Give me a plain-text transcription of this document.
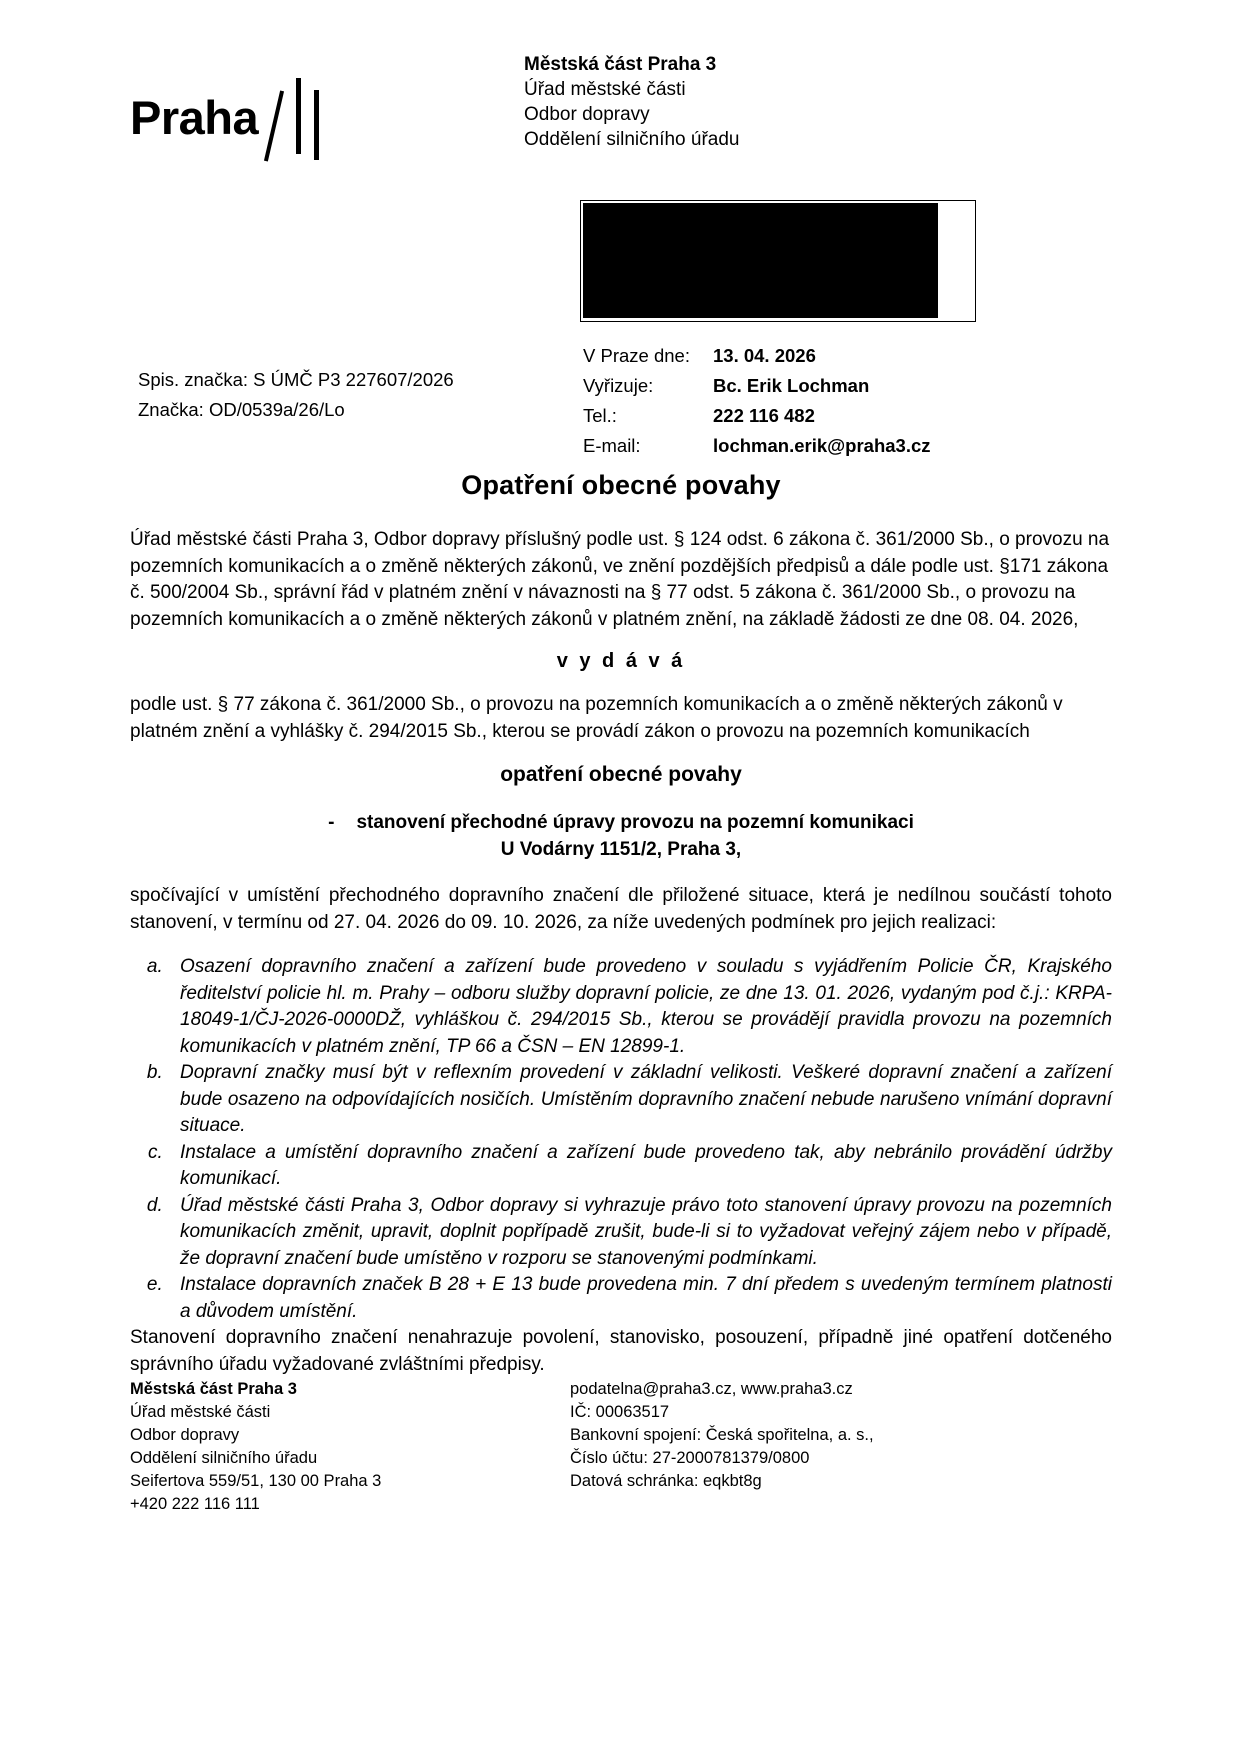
Praha
Městská část Praha 3
Úřad městské části
Odbor dopravy
Oddělení silničního úřadu
Spis. značka: S ÚMČ P3 227607/2026
Značka: OD/0539a/26/Lo
V Praze dne:	13. 04. 2026
Vyřizuje:	Bc. Erik Lochman
Tel.:	222 116 482
E-mail:	lochman.erik@praha3.cz
Opatření obecné povahy

Úřad městské části Praha 3, Odbor dopravy příslušný podle ust. § 124 odst. 6 zákona č. 361/2000 Sb., o provozu na pozemních komunikacích a o změně některých zákonů, ve znění pozdějších předpisů a dále podle ust. §171 zákona č. 500/2004 Sb., správní řád v platném znění v návaznosti na § 77 odst. 5 zákona č. 361/2000 Sb., o provozu na pozemních komunikacích a o změně některých zákonů v platném znění, na základě žádosti ze dne 08. 04. 2026,

v y d á v á

podle ust. § 77 zákona č. 361/2000 Sb., o provozu na pozemních komunikacích a o změně některých zákonů v platném znění a vyhlášky č. 294/2015 Sb., kterou se provádí zákon o provozu na pozemních komunikacích

opatření obecné povahy
- stanovení přechodné úpravy provozu na pozemní komunikaci
U Vodárny 1151/2, Praha 3,

spočívající v umístění přechodného dopravního značení dle přiložené situace, která je nedílnou součástí tohoto stanovení, v termínu od 27. 04. 2026 do 09. 10. 2026, za níže uvedených podmínek pro jejich realizaci:

a. Osazení dopravního značení a zařízení bude provedeno v souladu s vyjádřením Policie ČR, Krajského ředitelství policie hl. m. Prahy – odboru služby dopravní policie, ze dne 13. 01. 2026, vydaným pod č.j.: KRPA-18049-1/ČJ-2026-0000DŽ, vyhláškou č. 294/2015 Sb., kterou se provádějí pravidla provozu na pozemních komunikacích v platném znění, TP 66 a ČSN – EN 12899-1.
b. Dopravní značky musí být v reflexním provedení v základní velikosti. Veškeré dopravní značení a zařízení bude osazeno na odpovídajících nosičích. Umístěním dopravního značení nebude narušeno vnímání dopravní situace.
c. Instalace a umístění dopravního značení a zařízení bude provedeno tak, aby nebránilo provádění údržby komunikací.
d. Úřad městské části Praha 3, Odbor dopravy si vyhrazuje právo toto stanovení úpravy provozu na pozemních komunikacích změnit, upravit, doplnit popřípadě zrušit, bude-li si to vyžadovat veřejný zájem nebo v případě, že dopravní značení bude umístěno v rozporu se stanovenými podmínkami.
e. Instalace dopravních značek B 28 + E 13 bude provedena min. 7 dní předem s uvedeným termínem platnosti a důvodem umístění.

Stanovení dopravního značení nenahrazuje povolení, stanovisko, posouzení, případně jiné opatření dotčeného správního úřadu vyžadované zvláštními předpisy.

Městská část Praha 3
Úřad městské části
Odbor dopravy
Oddělení silničního úřadu
Seifertova 559/51, 130 00 Praha 3
+420 222 116 111
podatelna@praha3.cz, www.praha3.cz
IČ: 00063517
Bankovní spojení: Česká spořitelna, a. s.,
Číslo účtu: 27-2000781379/0800
Datová schránka: eqkbt8g
